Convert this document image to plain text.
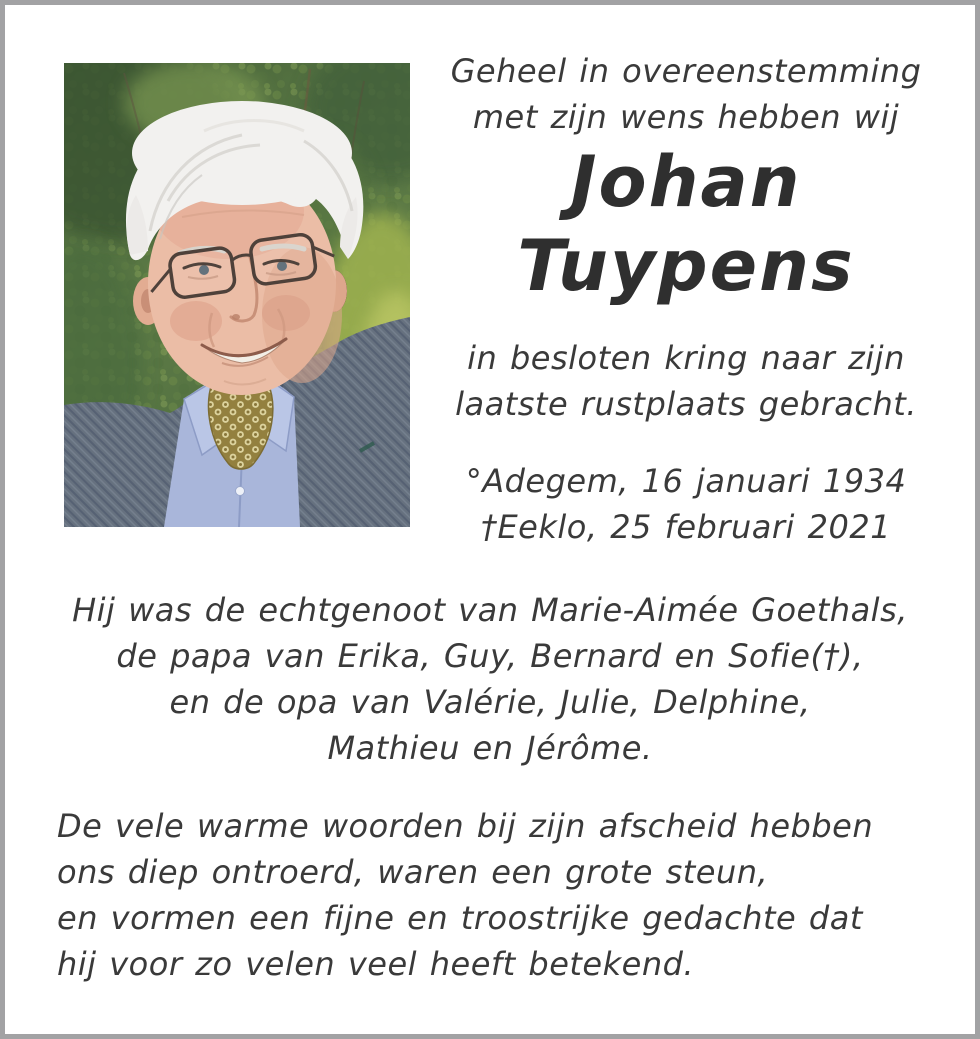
Geheel in overeenstemming
met zijn wens hebben wij
Johan
Tuypens
in besloten kring naar zijn
laatste rustplaats gebracht.
°Adegem, 16 januari 1934
†Eeklo, 25 februari 2021
Hij was de echtgenoot van Marie-Aimée Goethals,
de papa van Erika, Guy, Bernard en Sofie(†),
en de opa van Valérie, Julie, Delphine,
Mathieu en Jérôme.
De vele warme woorden bij zijn afscheid hebben
ons diep ontroerd, waren een grote steun,
en vormen een fijne en troostrijke gedachte dat
hij voor zo velen veel heeft betekend.
